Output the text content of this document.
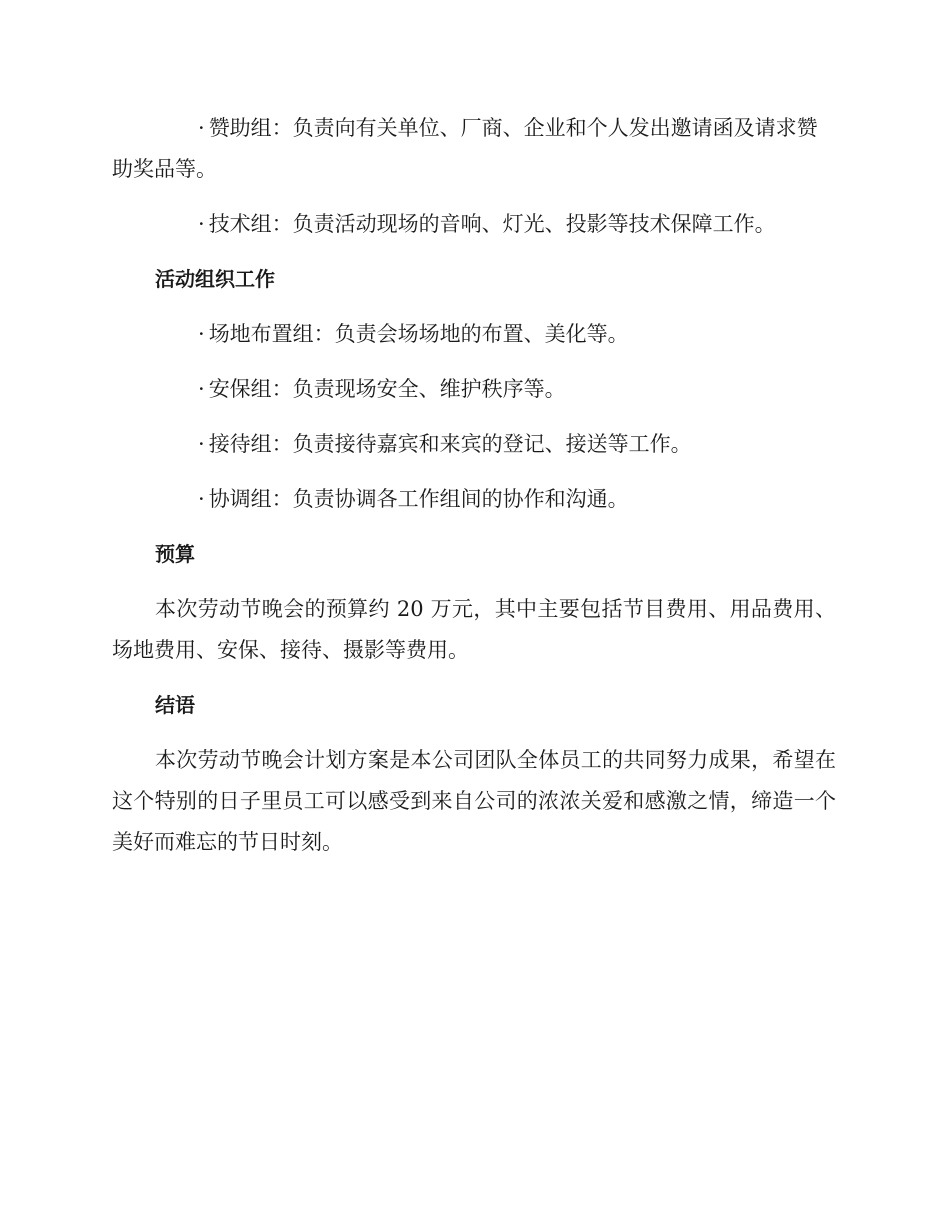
· 赞助组：负责向有关单位、厂商、企业和个人发出邀请函及请求赞助奖品等。

· 技术组：负责活动现场的音响、灯光、投影等技术保障工作。

活动组织工作

· 场地布置组：负责会场场地的布置、美化等。

· 安保组：负责现场安全、维护秩序等。

· 接待组：负责接待嘉宾和来宾的登记、接送等工作。

· 协调组：负责协调各工作组间的协作和沟通。

预算

本次劳动节晚会的预算约 20 万元，其中主要包括节目费用、用品费用、场地费用、安保、接待、摄影等费用。

结语

本次劳动节晚会计划方案是本公司团队全体员工的共同努力成果，希望在这个特别的日子里员工可以感受到来自公司的浓浓关爱和感激之情，缔造一个美好而难忘的节日时刻。
